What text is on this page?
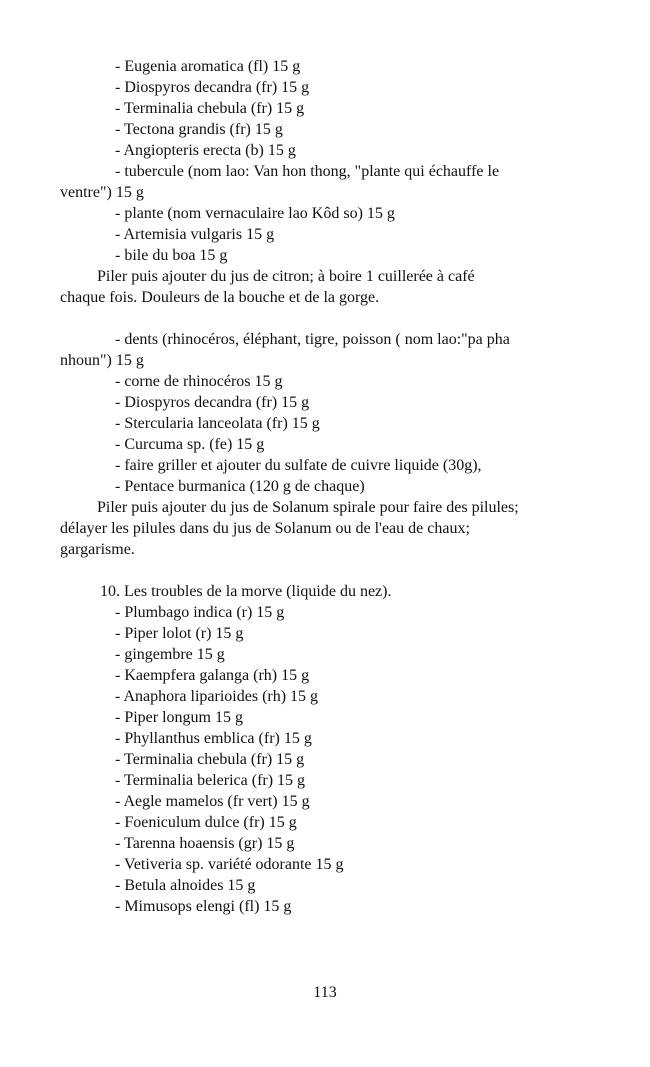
- Eugenia aromatica (fl) 15 g
- Diospyros decandra (fr) 15 g
- Terminalia chebula (fr) 15 g
- Tectona grandis (fr) 15 g
- Angiopteris erecta (b) 15 g
- tubercule (nom lao: Van hon thong, "plante qui échauffe le
ventre") 15 g
- plante (nom vernaculaire lao Kôd so) 15 g
- Artemisia vulgaris 15 g
- bile du boa 15 g
Piler puis ajouter du jus de citron; à boire 1 cuillerée à café
chaque fois. Douleurs de la bouche et de la gorge.
- dents (rhinocéros, éléphant, tigre, poisson ( nom lao:"pa pha
nhoun") 15 g
- corne de rhinocéros 15 g
- Diospyros decandra (fr) 15 g
- Stercularia lanceolata (fr) 15 g
- Curcuma sp. (fe) 15 g
- faire griller et ajouter du sulfate de cuivre liquide (30g),
- Pentace burmanica (120 g de chaque)
Piler puis ajouter du jus de Solanum spirale pour faire des pilules;
délayer les pilules dans du jus de Solanum ou de l'eau de chaux;
gargarisme.
10. Les troubles de la morve (liquide du nez).
- Plumbago indica (r) 15 g
- Piper lolot (r) 15 g
- gingembre 15 g
- Kaempfera galanga (rh) 15 g
- Anaphora liparioides (rh) 15 g
- Piper longum 15 g
- Phyllanthus emblica (fr) 15 g
- Terminalia chebula (fr) 15 g
- Terminalia belerica (fr) 15 g
- Aegle mamelos (fr vert) 15 g
- Foeniculum dulce (fr) 15 g
- Tarenna hoaensis (gr) 15 g
- Vetiveria sp. variété odorante 15 g
- Betula alnoides 15 g
- Mimusops elengi (fl) 15 g
113
